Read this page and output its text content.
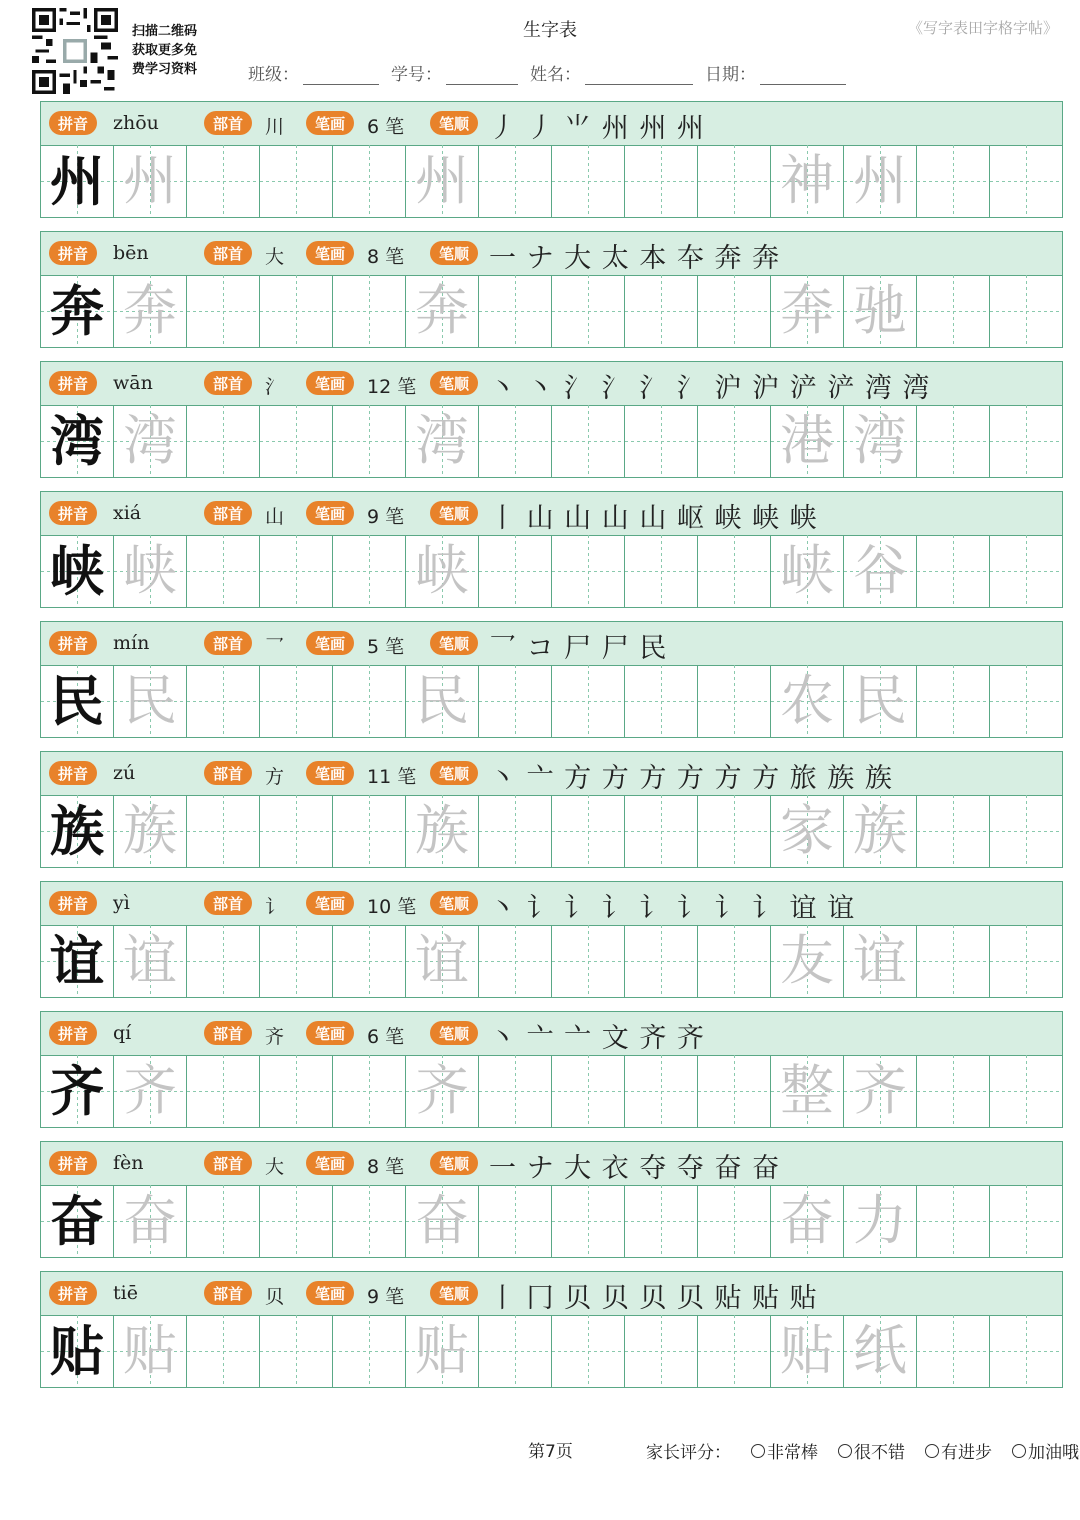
扫描二维码
获取更多免
费学习资料
生字表	《写字表田字格字帖》
班级：	学号：	姓名：	日期：
拼音	zhōu	部首	川	笔画	6 笔	笔顺 丿 丿 ⺌ 州 州 州
州 州	州	神 州
拼音	bēn	部首	大	笔画	8 笔	笔顺 一 ナ 大 太 本 夲 奔 奔
奔 奔	奔	奔 驰
拼音	wān	部首	氵	笔画	12 笔	笔顺 丶 丶 氵 氵 氵 氵 沪 沪 浐 浐 湾 湾
湾 湾	湾	港 湾
拼音	xiá	部首	山	笔画	9 笔	笔顺 丨 山 山 山 山 岖 峡 峡 峡
峡 峡	峡	峡 谷
拼音	mín	部首	乛	笔画	5 笔	笔顺 乛 コ 尸 尸 民
民 民	民	农 民
拼音	zú	部首	方	笔画	11 笔	笔顺 丶 亠 方 方 方 方 方 方 旅 族 族
族 族	族	家 族
拼音	yì	部首	讠	笔画	10 笔	笔顺 丶 讠 讠 讠 讠 讠 讠 讠 谊 谊
谊 谊	谊	友 谊
拼音	qí	部首	齐	笔画	6 笔	笔顺 丶 亠 亠 文 齐 齐
齐 齐	齐	整 齐
拼音	fèn	部首	大	笔画	8 笔	笔顺 一 ナ 大 衣 夺 夺 奋 奋
奋 奋	奋	奋 力
拼音	tiē	部首	贝	笔画	9 笔	笔顺 丨 冂 贝 贝 贝 贝 贴 贴 贴
贴 贴	贴	贴 纸
第7页	家长评分： 非常棒 很不错 有进步 加油哦
